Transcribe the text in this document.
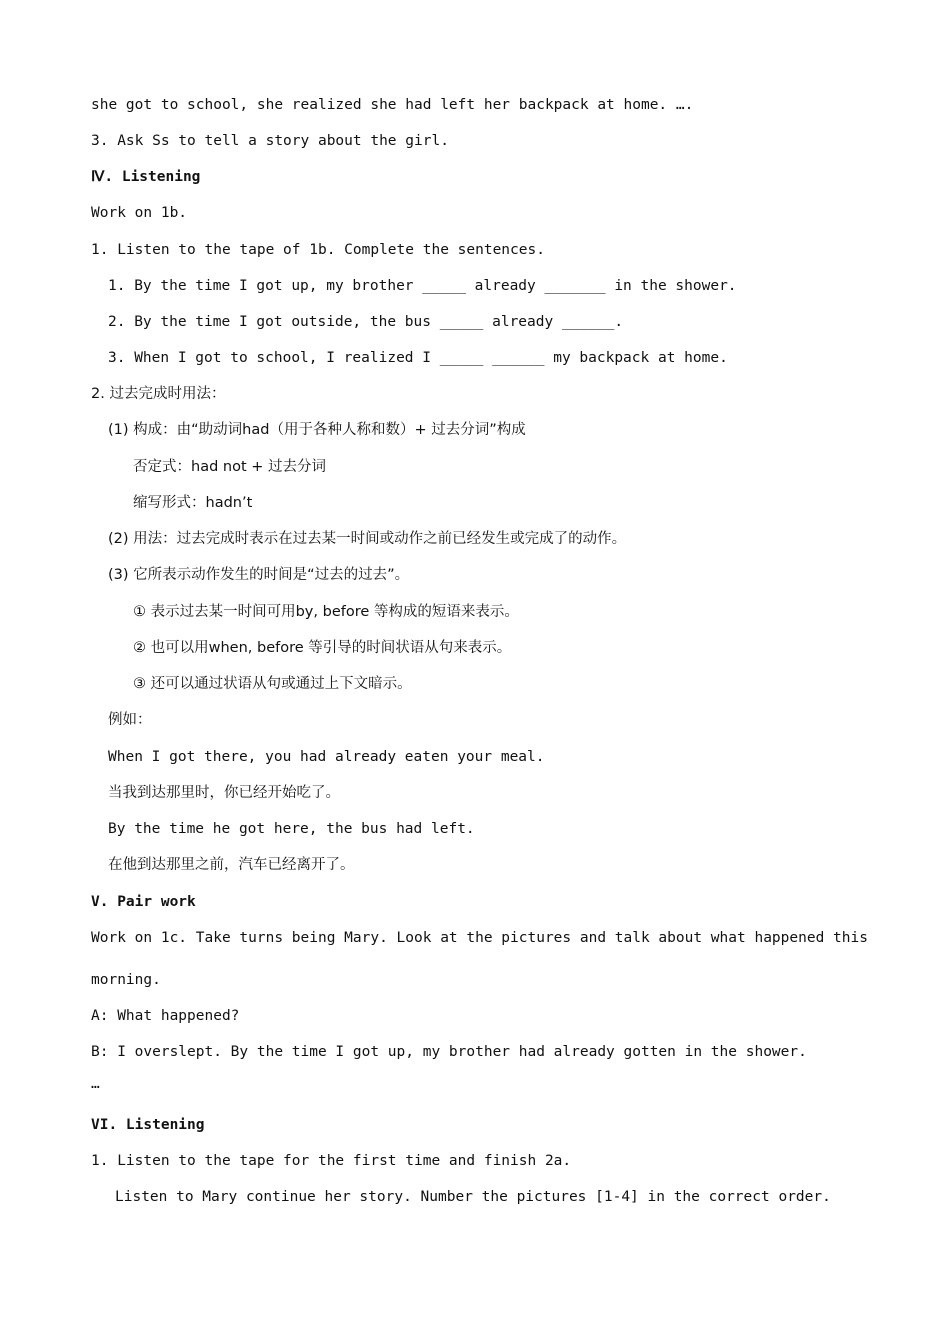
she got to school, she realized she had left her backpack at home. ….
3. Ask Ss to tell a story about the girl.
Ⅳ. Listening
Work on 1b.
1. Listen to the tape of 1b. Complete the sentences.
1. By the time I got up, my brother _____ already _______ in the shower.
2. By the time I got outside, the bus _____ already ______.
3. When I got to school, I realized I _____ ______ my backpack at home.
2. 过去完成时用法：
(1) 构成：由“助动词had（用于各种人称和数）+ 过去分词”构成
否定式：had not + 过去分词
缩写形式：hadn’t
(2) 用法：过去完成时表示在过去某一时间或动作之前已经发生或完成了的动作。
(3) 它所表示动作发生的时间是“过去的过去”。
① 表示过去某一时间可用by, before 等构成的短语来表示。
② 也可以用when, before 等引导的时间状语从句来表示。
③ 还可以通过状语从句或通过上下文暗示。
例如：
When I got there, you had already eaten your meal.
当我到达那里时，你已经开始吃了。
By the time he got here, the bus had left.
在他到达那里之前，汽车已经离开了。
V. Pair work
Work on 1c. Take turns being Mary. Look at the pictures and talk about what happened this
morning.
A: What happened?
B: I overslept. By the time I got up, my brother had already gotten in the shower.
…
VI. Listening
1. Listen to the tape for the first time and finish 2a.
Listen to Mary continue her story. Number the pictures [1-4] in the correct order.
